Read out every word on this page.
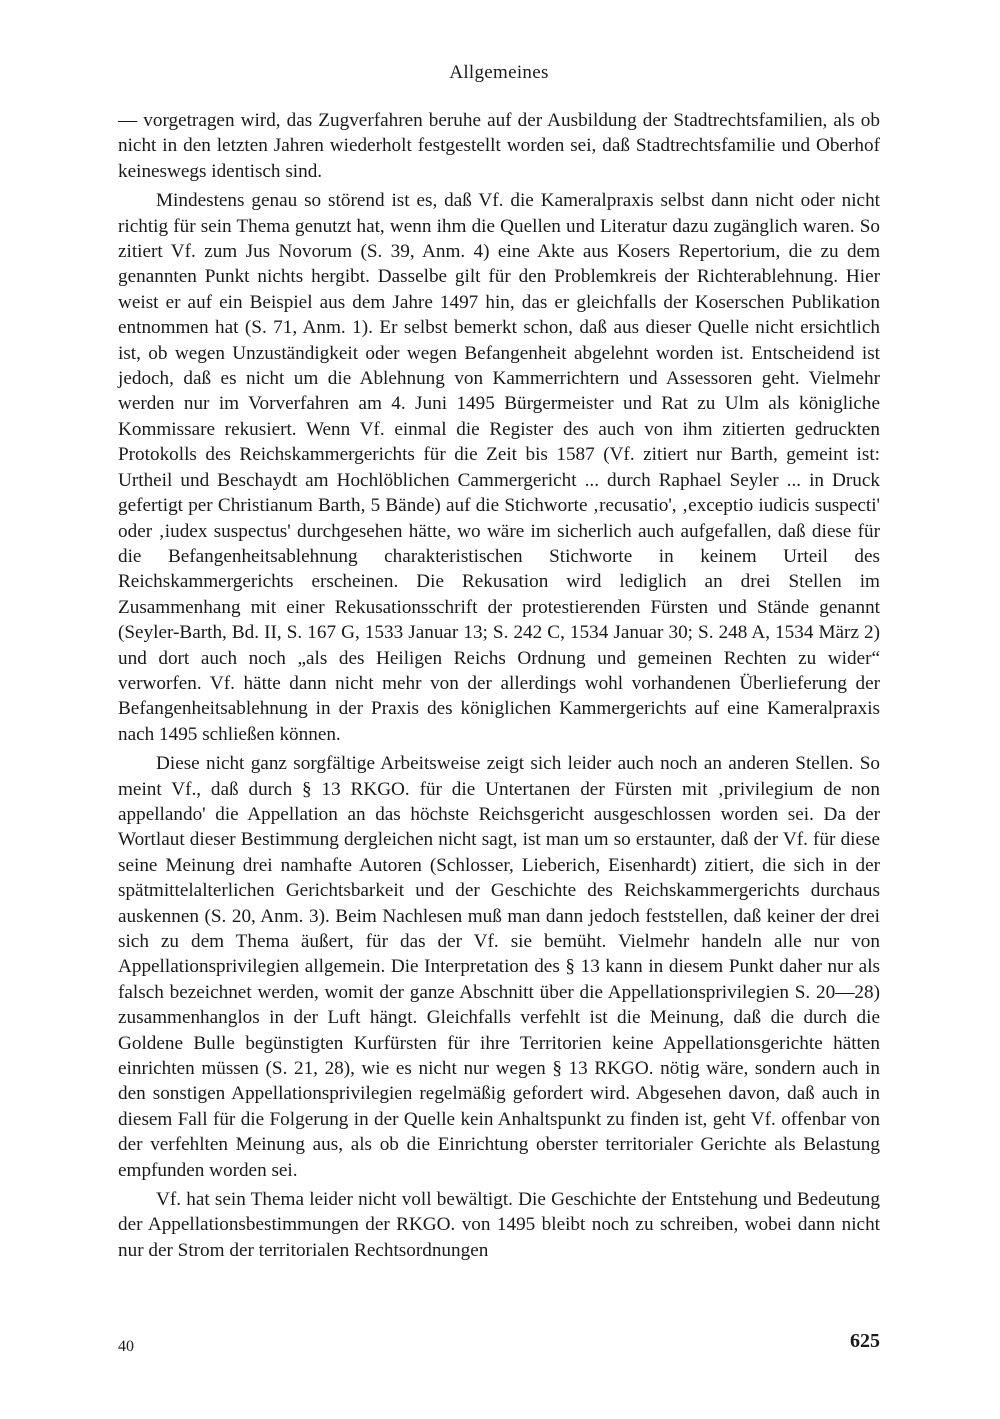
Allgemeines

— vorgetragen wird, das Zugverfahren beruhe auf der Ausbildung der Stadtrechtsfamilien, als ob nicht in den letzten Jahren wiederholt festgestellt worden sei, daß Stadtrechtsfamilie und Oberhof keineswegs identisch sind.

Mindestens genau so störend ist es, daß Vf. die Kameralpraxis selbst dann nicht oder nicht richtig für sein Thema genutzt hat, wenn ihm die Quellen und Literatur dazu zugänglich waren. So zitiert Vf. zum Jus Novorum (S. 39, Anm. 4) eine Akte aus Kosers Repertorium, die zu dem genannten Punkt nichts hergibt. Dasselbe gilt für den Problemkreis der Richterablehnung. Hier weist er auf ein Beispiel aus dem Jahre 1497 hin, das er gleichfalls der Koserschen Publikation entnommen hat (S. 71, Anm. 1). Er selbst bemerkt schon, daß aus dieser Quelle nicht ersichtlich ist, ob wegen Unzuständigkeit oder wegen Befangenheit abgelehnt worden ist. Entscheidend ist jedoch, daß es nicht um die Ablehnung von Kammerrichtern und Assessoren geht. Vielmehr werden nur im Vorverfahren am 4. Juni 1495 Bürgermeister und Rat zu Ulm als königliche Kommissare rekusiert. Wenn Vf. einmal die Register des auch von ihm zitierten gedruckten Protokolls des Reichskammergerichts für die Zeit bis 1587 (Vf. zitiert nur Barth, gemeint ist: Urtheil und Beschaydt am Hochlöblichen Cammergericht ... durch Raphael Seyler ... in Druck gefertigt per Christianum Barth, 5 Bände) auf die Stichworte ‚recusatio', ‚exceptio iudicis suspecti' oder ‚iudex suspectus' durchgesehen hätte, wo wäre im sicherlich auch aufgefallen, daß diese für die Befangenheitsablehnung charakteristischen Stichworte in keinem Urteil des Reichskammergerichts erscheinen. Die Rekusation wird lediglich an drei Stellen im Zusammenhang mit einer Rekusationsschrift der protestierenden Fürsten und Stände genannt (Seyler-Barth, Bd. II, S. 167 G, 1533 Januar 13; S. 242 C, 1534 Januar 30; S. 248 A, 1534 März 2) und dort auch noch „als des Heiligen Reichs Ordnung und gemeinen Rechten zu wider“ verworfen. Vf. hätte dann nicht mehr von der allerdings wohl vorhandenen Überlieferung der Befangenheitsablehnung in der Praxis des königlichen Kammergerichts auf eine Kameralpraxis nach 1495 schließen können.

Diese nicht ganz sorgfältige Arbeitsweise zeigt sich leider auch noch an anderen Stellen. So meint Vf., daß durch § 13 RKGO. für die Untertanen der Fürsten mit ‚privilegium de non appellando' die Appellation an das höchste Reichsgericht ausgeschlossen worden sei. Da der Wortlaut dieser Bestimmung dergleichen nicht sagt, ist man um so erstaunter, daß der Vf. für diese seine Meinung drei namhafte Autoren (Schlosser, Lieberich, Eisenhardt) zitiert, die sich in der spätmittelalterlichen Gerichtsbarkeit und der Geschichte des Reichskammergerichts durchaus auskennen (S. 20, Anm. 3). Beim Nachlesen muß man dann jedoch feststellen, daß keiner der drei sich zu dem Thema äußert, für das der Vf. sie bemüht. Vielmehr handeln alle nur von Appellationsprivilegien allgemein. Die Interpretation des § 13 kann in diesem Punkt daher nur als falsch bezeichnet werden, womit der ganze Abschnitt über die Appellationsprivilegien S. 20—28) zusammenhanglos in der Luft hängt. Gleichfalls verfehlt ist die Meinung, daß die durch die Goldene Bulle begünstigten Kurfürsten für ihre Territorien keine Appellationsgerichte hätten einrichten müssen (S. 21, 28), wie es nicht nur wegen § 13 RKGO. nötig wäre, sondern auch in den sonstigen Appellationsprivilegien regelmäßig gefordert wird. Abgesehen davon, daß auch in diesem Fall für die Folgerung in der Quelle kein Anhaltspunkt zu finden ist, geht Vf. offenbar von der verfehlten Meinung aus, als ob die Einrichtung oberster territorialer Gerichte als Belastung empfunden worden sei.

Vf. hat sein Thema leider nicht voll bewältigt. Die Geschichte der Entstehung und Bedeutung der Appellationsbestimmungen der RKGO. von 1495 bleibt noch zu schreiben, wobei dann nicht nur der Strom der territorialen Rechtsordnungen

40	625
